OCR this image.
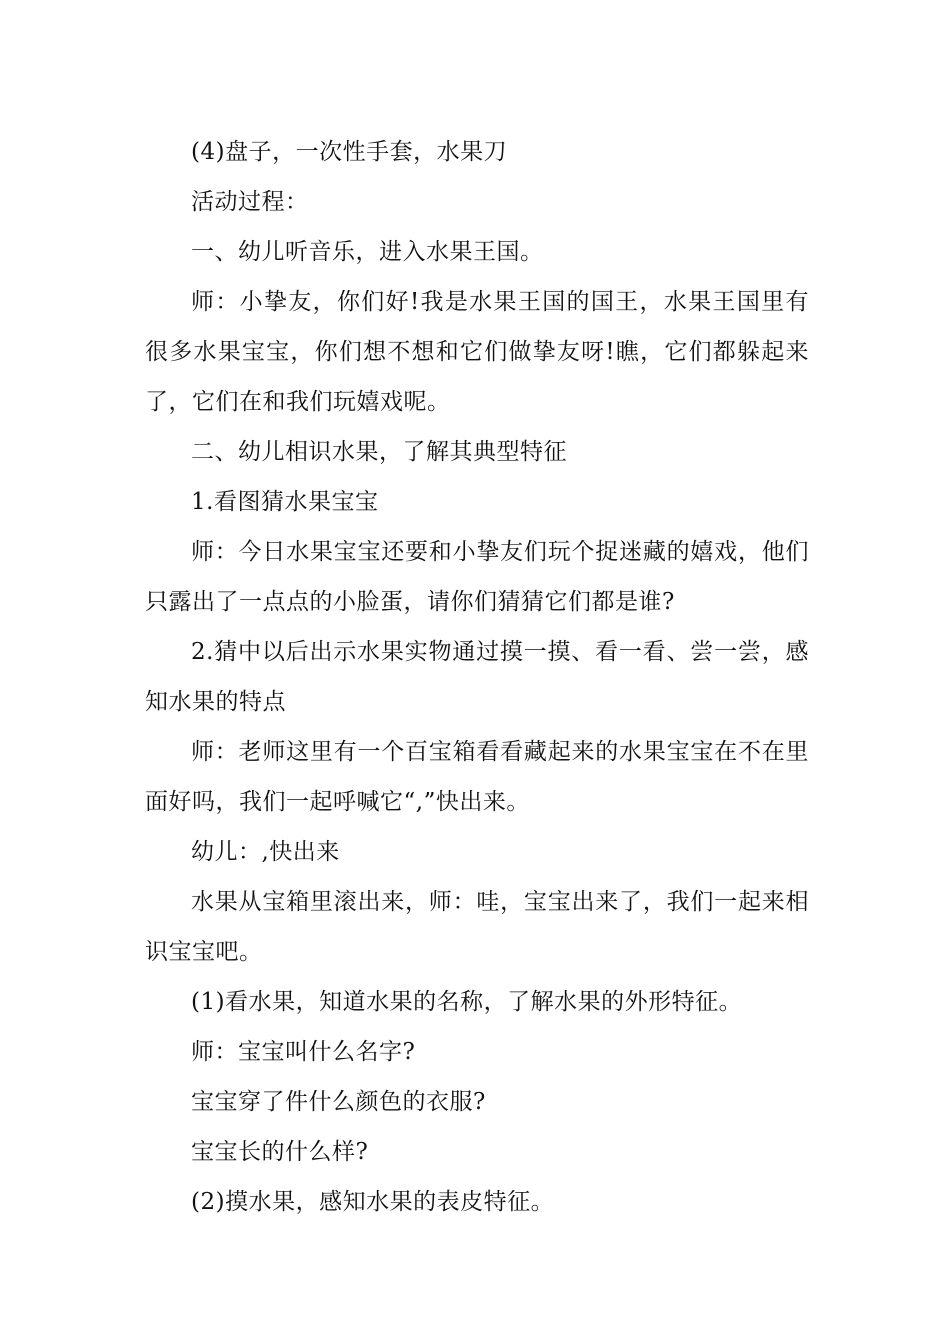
(4)盘子，一次性手套，水果刀

活动过程：

一、幼儿听音乐，进入水果王国。

师：小挚友，你们好!我是水果王国的国王，水果王国里有很多水果宝宝，你们想不想和它们做挚友呀!瞧，它们都躲起来了，它们在和我们玩嬉戏呢。

二、幼儿相识水果，了解其典型特征

1.看图猜水果宝宝

师：今日水果宝宝还要和小挚友们玩个捉迷藏的嬉戏，他们只露出了一点点的小脸蛋，请你们猜猜它们都是谁?

2.猜中以后出示水果实物通过摸一摸、看一看、尝一尝，感知水果的特点

师：老师这里有一个百宝箱看看藏起来的水果宝宝在不在里面好吗，我们一起呼喊它“,”快出来。

幼儿：,快出来

水果从宝箱里滚出来，师：哇，宝宝出来了，我们一起来相识宝宝吧。

(1)看水果，知道水果的名称，了解水果的外形特征。

师：宝宝叫什么名字?

宝宝穿了件什么颜色的衣服?

宝宝长的什么样?

(2)摸水果，感知水果的表皮特征。
